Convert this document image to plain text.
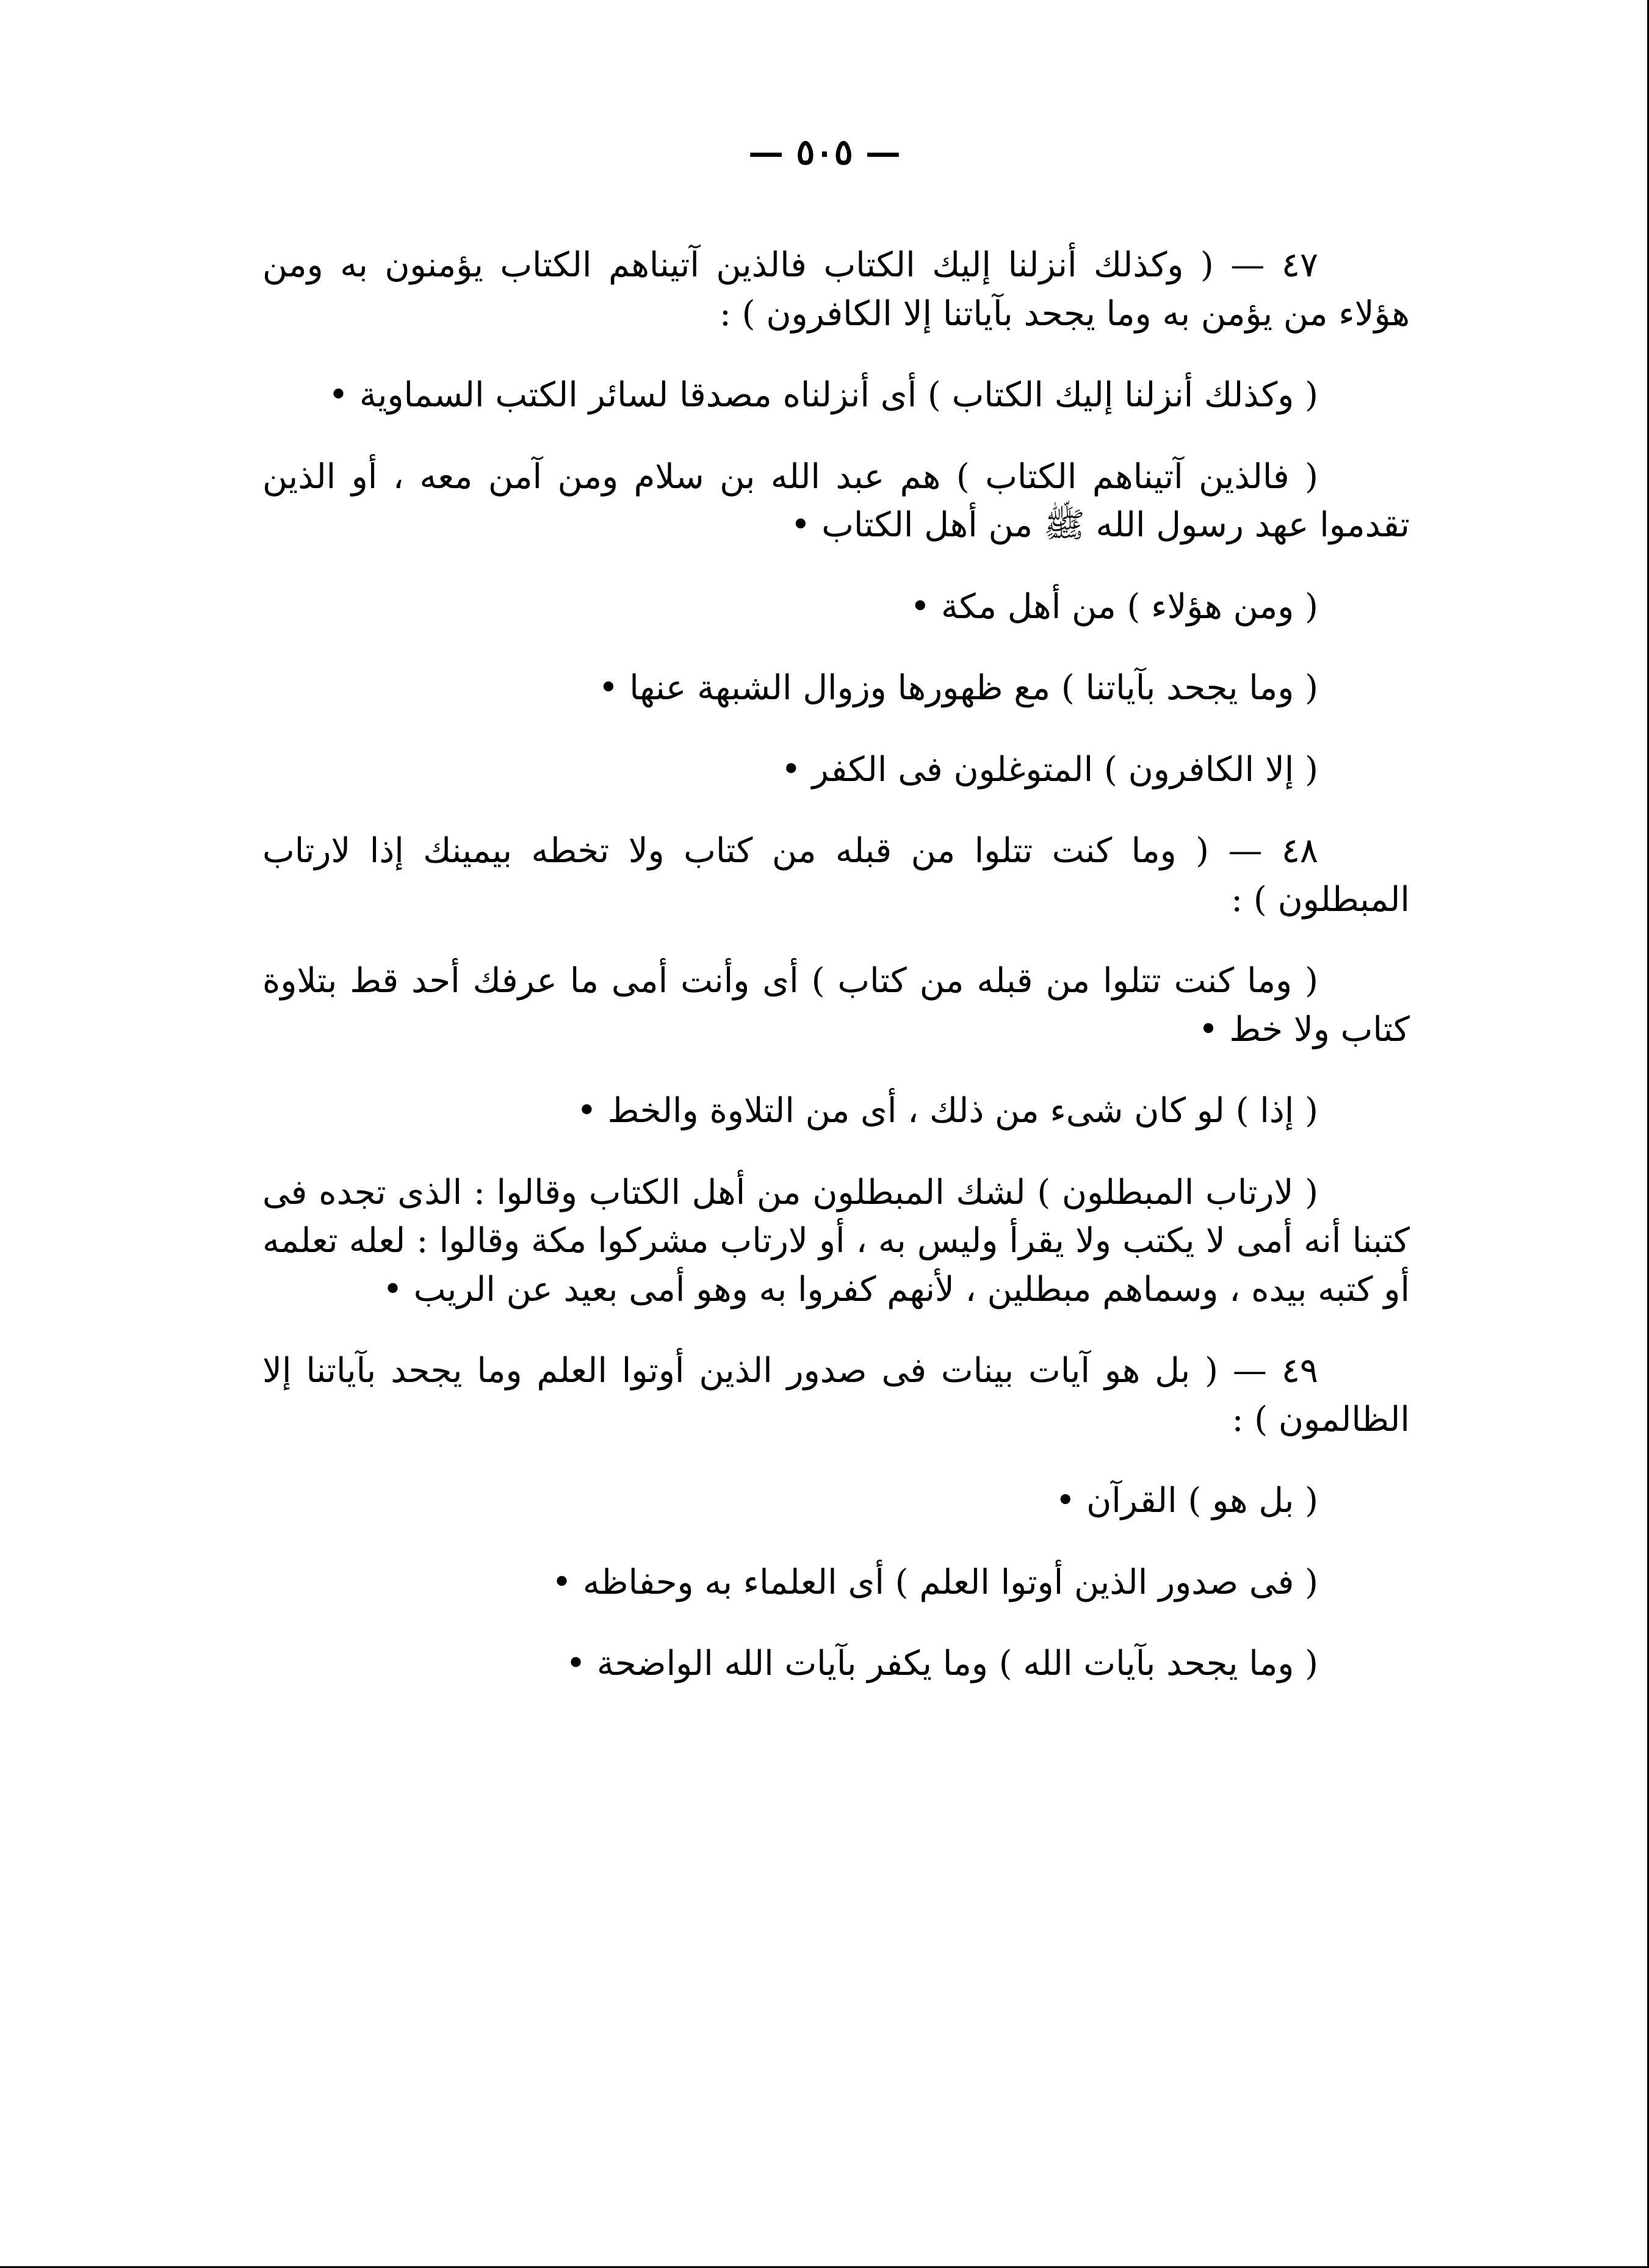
— ٥٠٥ —

٤٧ — ( وكذلك أنزلنا إليك الكتاب فالذين آتيناهم الكتاب يؤمنون به ومن هؤلاء من يؤمن به وما يجحد بآياتنا إلا الكافرون ) :

( وكذلك أنزلنا إليك الكتاب ) أى أنزلناه مصدقا لسائر الكتب السماوية •

( فالذين آتيناهم الكتاب ) هم عبد الله بن سلام ومن آمن معه ، أو الذين تقدموا عهد رسول الله ﷺ من أهل الكتاب •

( ومن هؤلاء ) من أهل مكة •

( وما يجحد بآياتنا ) مع ظهورها وزوال الشبهة عنها •

( إلا الكافرون ) المتوغلون فى الكفر •

٤٨ — ( وما كنت تتلوا من قبله من كتاب ولا تخطه بيمينك إذا لارتاب المبطلون ) :

( وما كنت تتلوا من قبله من كتاب ) أى وأنت أمى ما عرفك أحد قط بتلاوة كتاب ولا خط •

( إذا ) لو كان شىء من ذلك ، أى من التلاوة والخط •

( لارتاب المبطلون ) لشك المبطلون من أهل الكتاب وقالوا : الذى تجده فى كتبنا أنه أمى لا يكتب ولا يقرأ وليس به ، أو لارتاب مشركوا مكة وقالوا : لعله تعلمه أو كتبه بيده ، وسماهم مبطلين ، لأنهم كفروا به وهو أمى بعيد عن الريب •

٤٩ — ( بل هو آيات بينات فى صدور الذين أوتوا العلم وما يجحد بآياتنا إلا الظالمون ) :

( بل هو ) القرآن •

( فى صدور الذين أوتوا العلم ) أى العلماء به وحفاظه •

( وما يجحد بآيات الله ) وما يكفر بآيات الله الواضحة •
